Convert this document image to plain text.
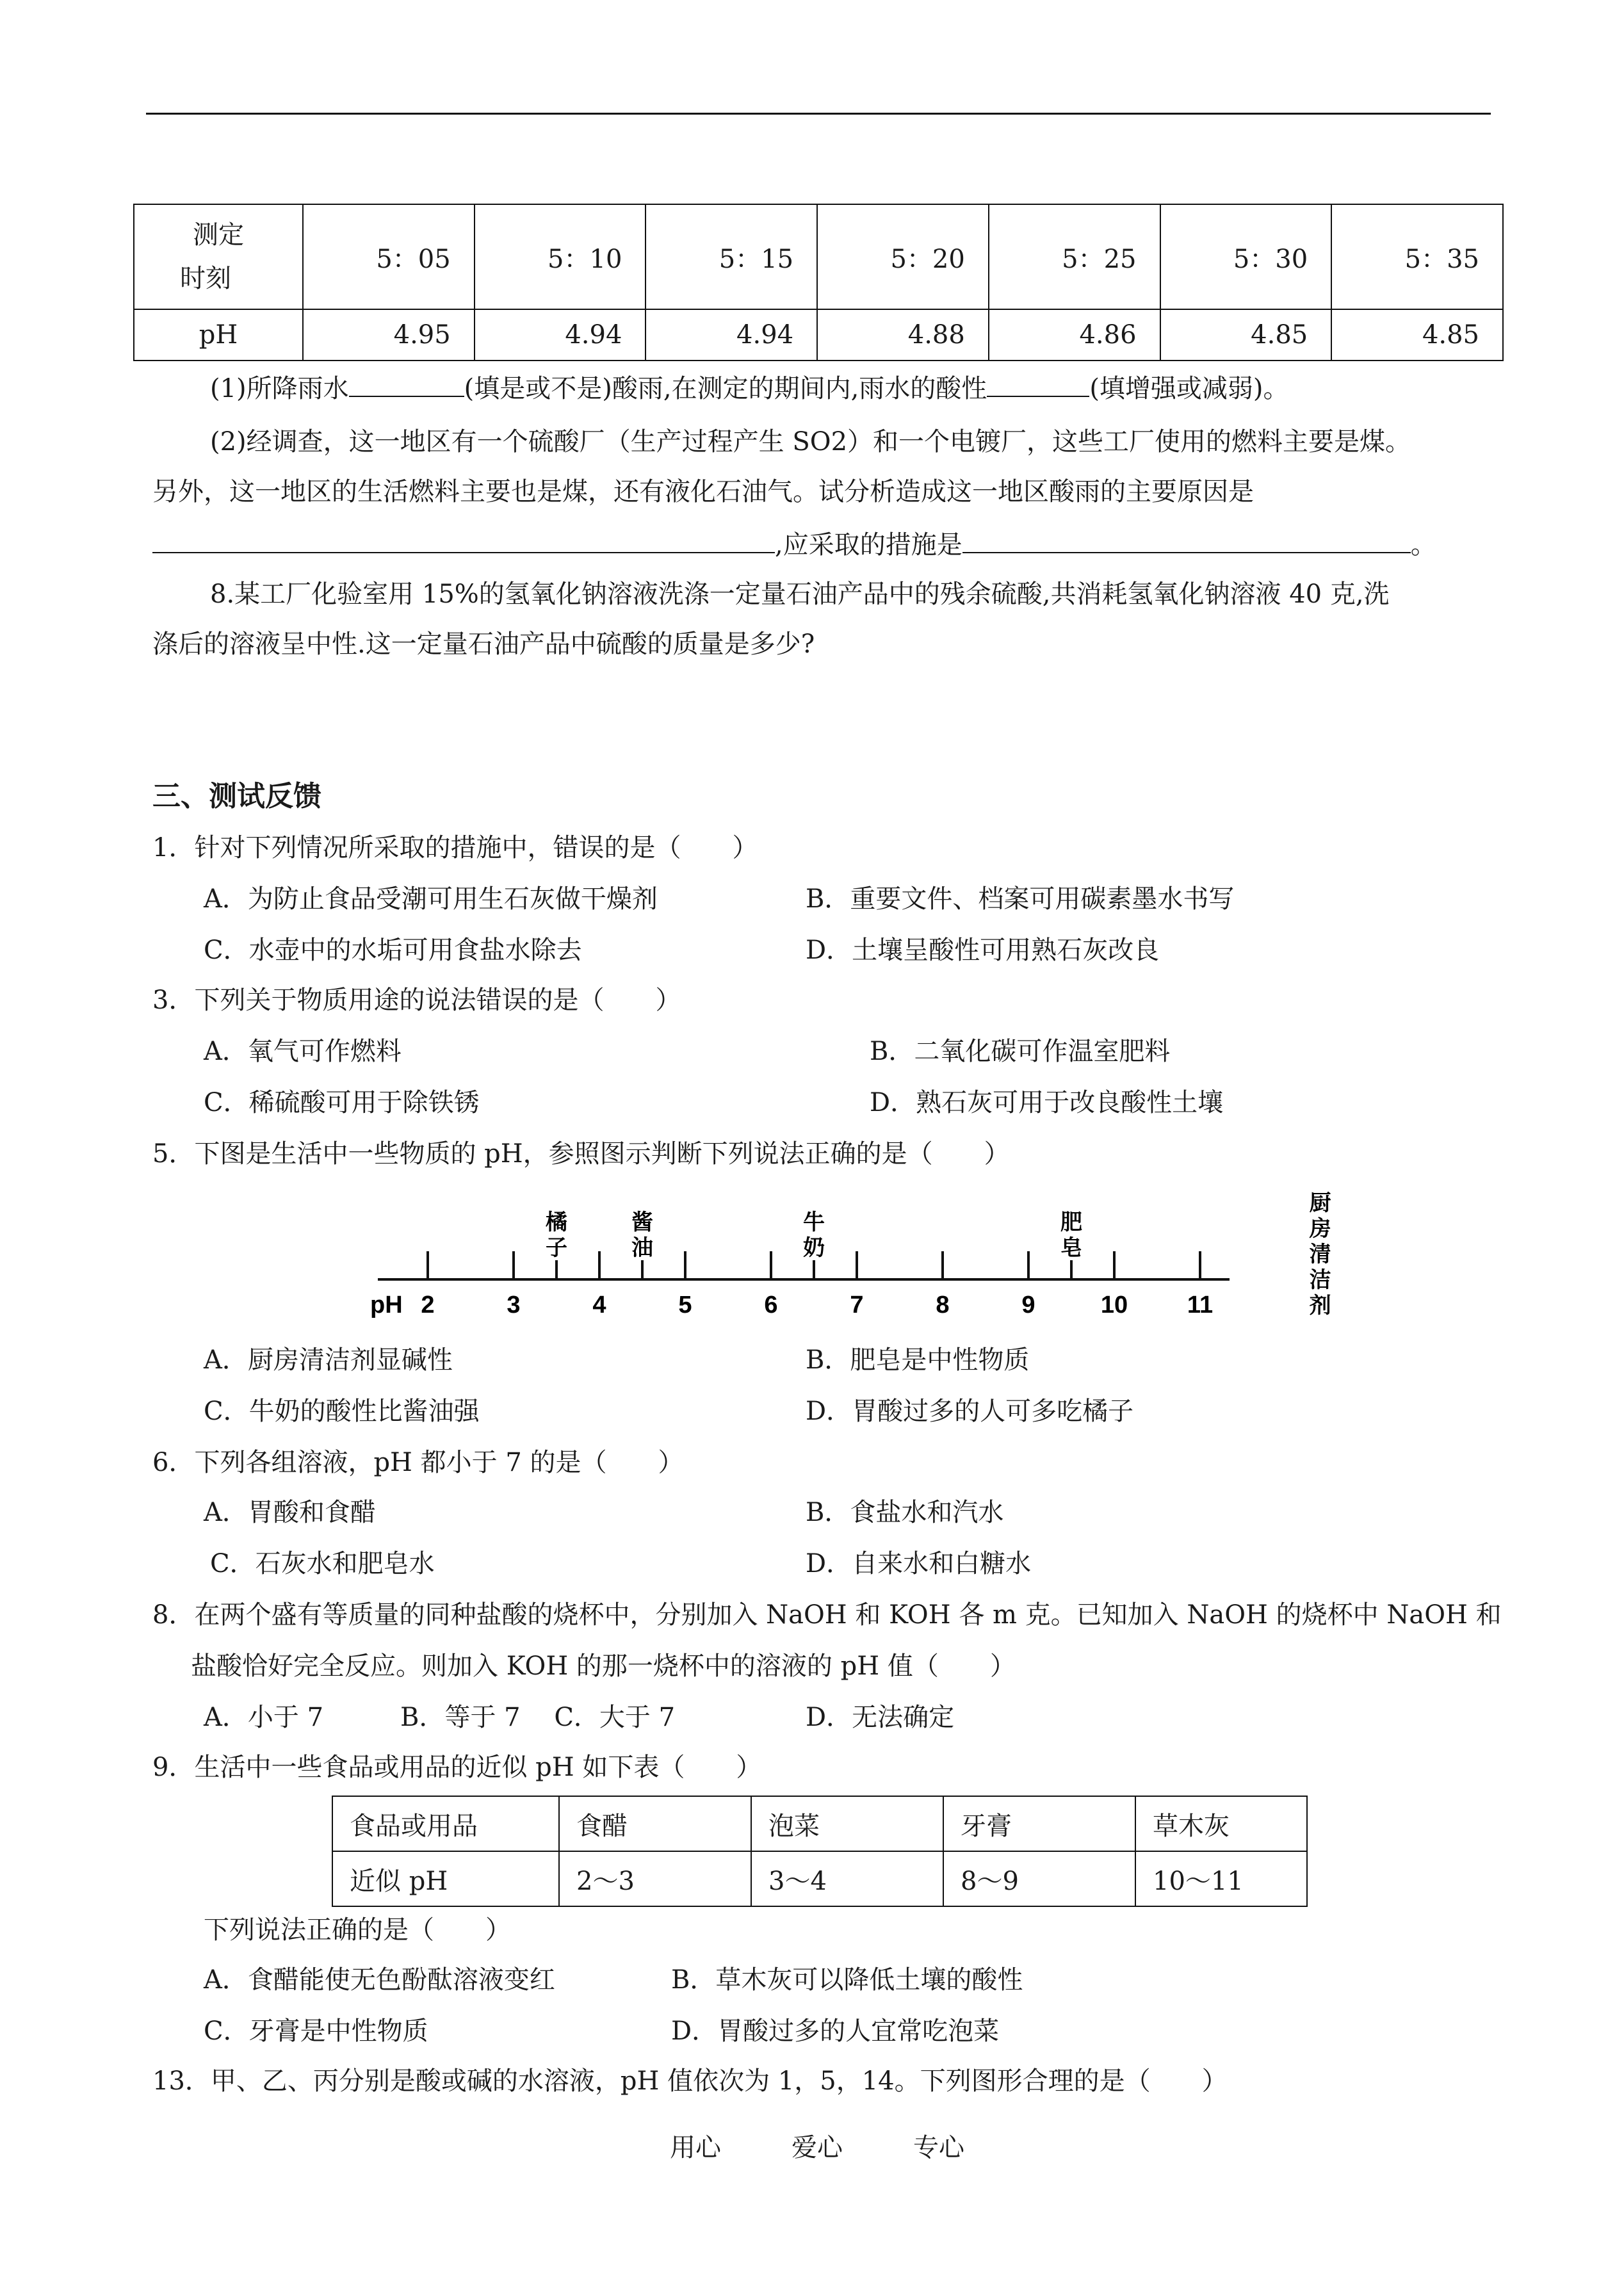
测定
时刻	5：05	5：10	5：15	5：20	5：25	5：30	5：35
pH	4.95	4.94	4.94	4.88	4.86	4.85	4.85
(1)所降雨水	(填是或不是)酸雨,在测定的期间内,雨水的酸性	(填增强或减弱)。
(2)经调查，这一地区有一个硫酸厂（生产过程产生 SO2）和一个电镀厂，这些工厂使用的燃料主要是煤。
另外，这一地区的生活燃料主要也是煤，还有液化石油气。试分析造成这一地区酸雨的主要原因是
,应采取的措施是	。
8.某工厂化验室用 15%的氢氧化钠溶液洗涤一定量石油产品中的残余硫酸,共消耗氢氧化钠溶液 40 克,洗
涤后的溶液呈中性.这一定量石油产品中硫酸的质量是多少?
三、测试反馈
1．针对下列情况所采取的措施中，错误的是（　　）
A．为防止食品受潮可用生石灰做干燥剂	B．重要文件、档案可用碳素墨水书写
C．水壶中的水垢可用食盐水除去	D．土壤呈酸性可用熟石灰改良
3．下列关于物质用途的说法错误的是（　　）
A．氧气可作燃料	B．二氧化碳可作温室肥料
C．稀硫酸可用于除铁锈	D．熟石灰可用于改良酸性土壤
5．下图是生活中一些物质的 pH，参照图示判断下列说法正确的是（　　）
2	3	4	5	6	7	8	9	10 11
橘子
酱油
牛奶
肥皂
厨房清洁剂
pH
A．厨房清洁剂显碱性	B．肥皂是中性物质
C．牛奶的酸性比酱油强	D．胃酸过多的人可多吃橘子
6．下列各组溶液，pH 都小于 7 的是（　　）
A．胃酸和食醋	B．食盐水和汽水
C．石灰水和肥皂水	D．自来水和白糖水
8．在两个盛有等质量的同种盐酸的烧杯中，分别加入 NaOH 和 KOH 各 m 克。已知加入 NaOH 的烧杯中 NaOH 和
盐酸恰好完全反应。则加入 KOH 的那一烧杯中的溶液的 pH 值（　　）
A．小于 7　　　B．等于 7　 C．大于 7	D．无法确定
9．生活中一些食品或用品的近似 pH 如下表（　　）
食品或用品	食醋	泡菜	牙膏	草木灰
近似 pH	2～3	3～4	8～9	10～11
下列说法正确的是（　　）
A．食醋能使无色酚酞溶液变红	B．草木灰可以降低土壤的酸性
C．牙膏是中性物质	D．胃酸过多的人宜常吃泡菜
13．甲、乙、丙分别是酸或碱的水溶液，pH 值依次为 1，5，14。下列图形合理的是（　　）
用心	爱心	专心
